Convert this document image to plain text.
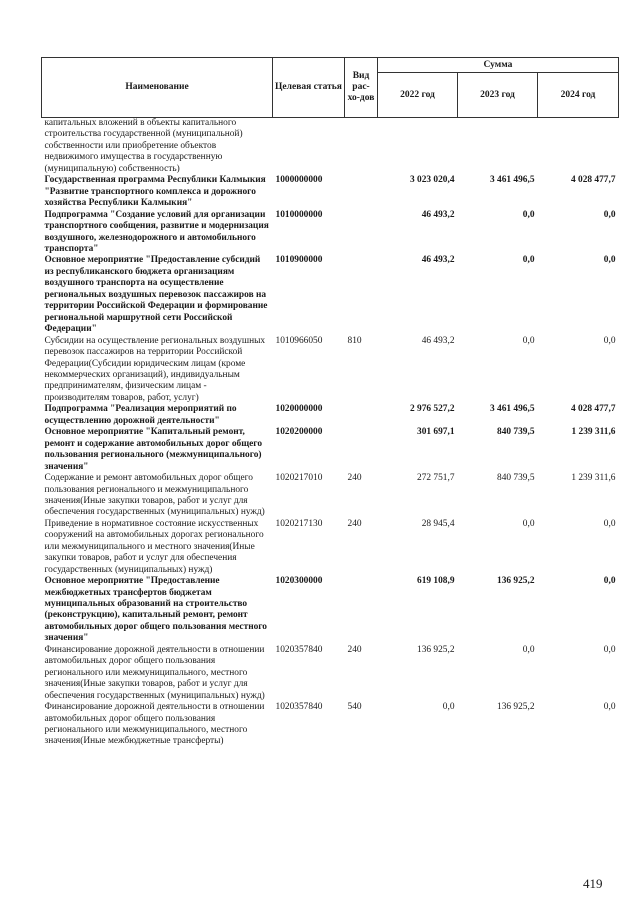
Наименование	Целевая статья	Вид рас-хо-дов	Сумма		
			2022 год	2023 год	2024 год
капитальных вложений в объекты капитального строительства государственной (муниципальной) собственности или приобретение объектов недвижимого имущества в государственную (муниципальную) собственность)					
Государственная программа Республики Калмыкия "Развитие транспортного комплекса и дорожного хозяйства Республики Калмыкия"	1000000000		3 023 020,4	3 461 496,5	4 028 477,7
Подпрограмма "Создание условий для организации транспортного сообщения, развитие и модернизация воздушного, железнодорожного и автомобильного транспорта"	1010000000		46 493,2	0,0	0,0
Основное мероприятие "Предоставление субсидий из республиканского бюджета организациям воздушного транспорта на осуществление региональных воздушных перевозок пассажиров на территории Российской Федерации и формирование региональной маршрутной сети Российской Федерации"	1010900000		46 493,2	0,0	0,0
Субсидии на осуществление региональных воздушных перевозок пассажиров на территории Российской Федерации(Субсидии юридическим лицам (кроме некоммерческих организаций), индивидуальным предпринимателям, физическим лицам - производителям товаров, работ, услуг)	1010966050	810	46 493,2	0,0	0,0
Подпрограмма "Реализация мероприятий по осуществлению дорожной деятельности"	1020000000		2 976 527,2	3 461 496,5	4 028 477,7
Основное мероприятие "Капитальный ремонт, ремонт и содержание автомобильных дорог общего пользования регионального (межмуниципального) значения"	1020200000		301 697,1	840 739,5	1 239 311,6
Содержание и ремонт автомобильных дорог общего пользования регионального и межмуниципального значения(Иные закупки товаров, работ и услуг для обеспечения государственных (муниципальных) нужд)	1020217010	240	272 751,7	840 739,5	1 239 311,6
Приведение в нормативное состояние искусственных сооружений на автомобильных дорогах регионального или межмуниципального и местного значения(Иные закупки товаров, работ и услуг для обеспечения государственных (муниципальных) нужд)	1020217130	240	28 945,4	0,0	0,0
Основное мероприятие "Предоставление межбюджетных трансфертов бюджетам муниципальных образований на строительство (реконструкцию), капитальный ремонт, ремонт автомобильных дорог общего пользования местного значения"	1020300000		619 108,9	136 925,2	0,0
Финансирование дорожной деятельности в отношении автомобильных дорог общего пользования регионального или межмуниципального, местного значения(Иные закупки товаров, работ и услуг для обеспечения государственных (муниципальных) нужд)	1020357840	240	136 925,2	0,0	0,0
Финансирование дорожной деятельности в отношении автомобильных дорог общего пользования регионального или межмуниципального, местного значения(Иные межбюджетные трансферты)	1020357840	540	0,0	136 925,2	0,0
419
